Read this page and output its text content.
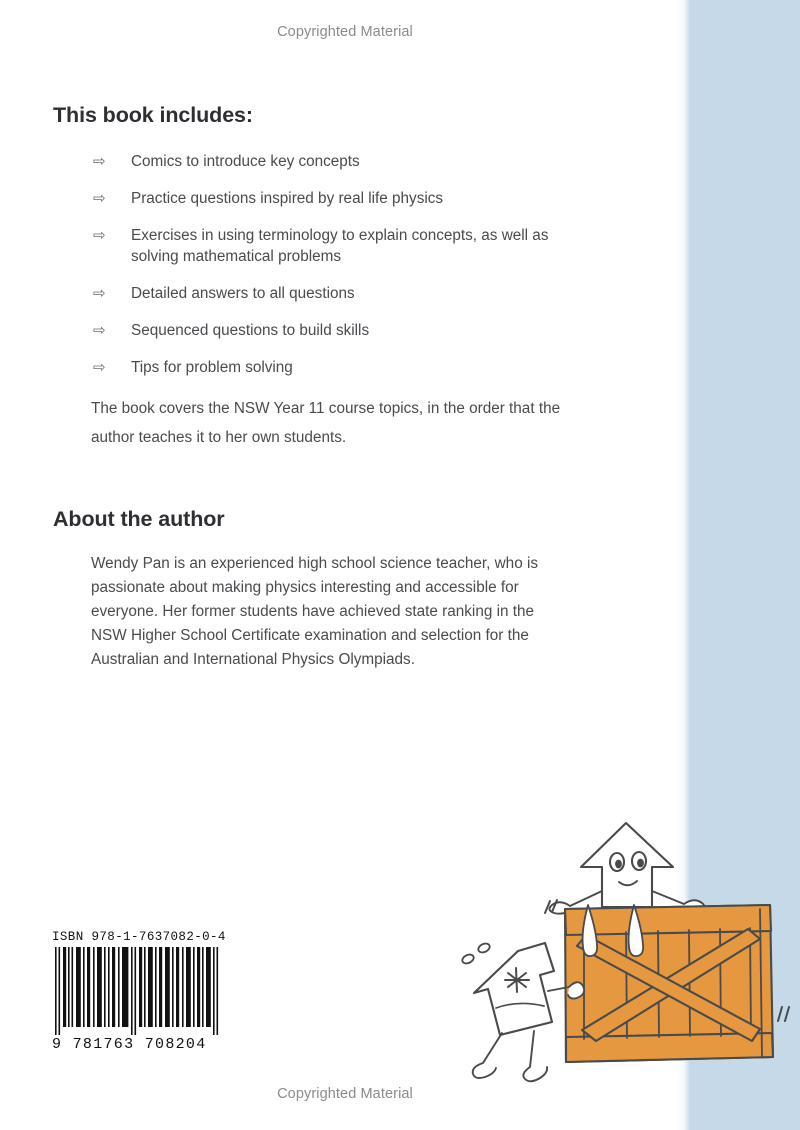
Copyrighted Material
This book includes:
⇨ Comics to introduce key concepts
⇨ Practice questions inspired by real life physics
⇨ Exercises in using terminology to explain concepts, as well as solving mathematical problems
⇨ Detailed answers to all questions
⇨ Sequenced questions to build skills
⇨ Tips for problem solving

The book covers the NSW Year 11 course topics, in the order that the author teaches it to her own students.

About the author

Wendy Pan is an experienced high school science teacher, who is passionate about making physics interesting and accessible for everyone. Her former students have achieved state ranking in the NSW Higher School Certificate examination and selection for the Australian and International Physics Olympiads.

ISBN 978-1-7637082-0-4
9 781763 708204
Copyrighted Material
